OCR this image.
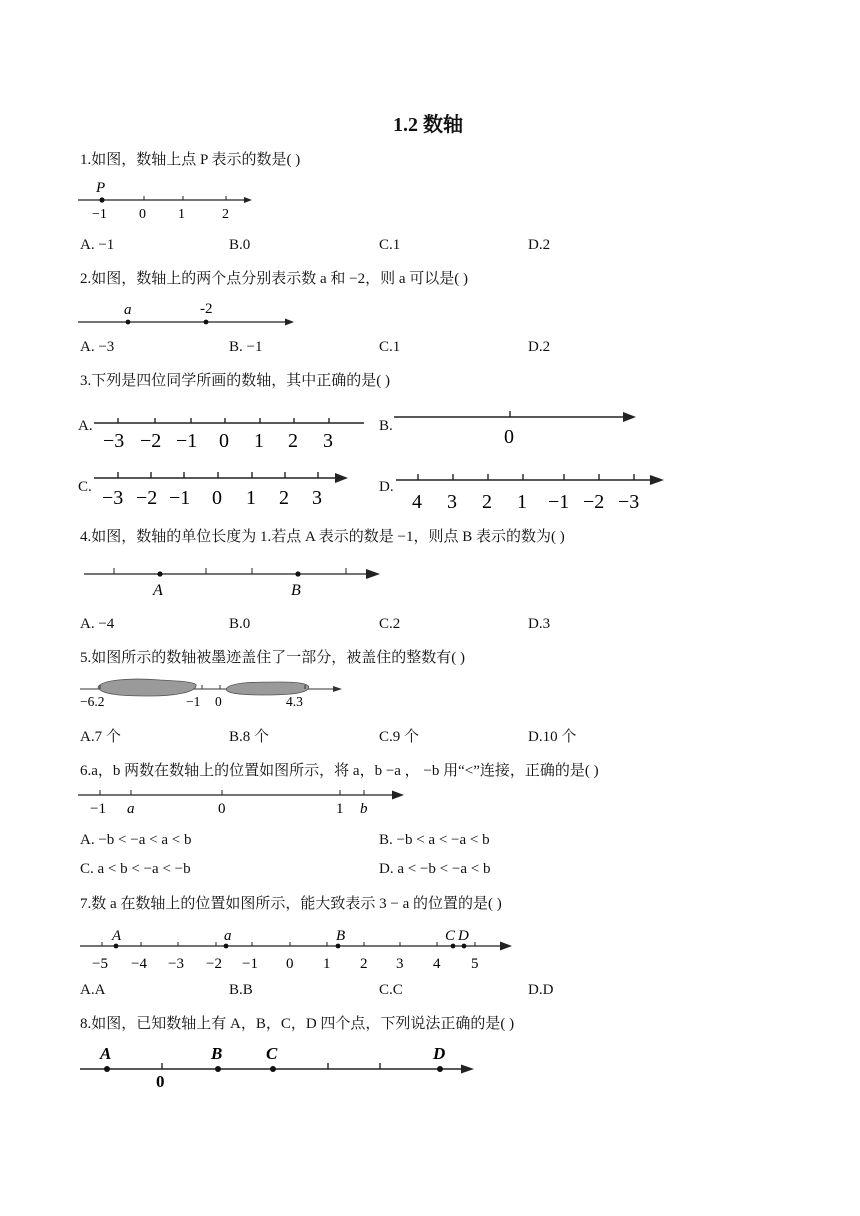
1.2 数轴
1.如图，数轴上点 P 表示的数是( )
P
−1 0 1	2
A. −1	B.0	C.1	D.2
2.如图，数轴上的两个点分别表示数 a 和 −2，则 a 可以是( )
a	-2
A. −3	B. −1	C.1	D.2
3.下列是四位同学所画的数轴，其中正确的是( )
A.
−3 −2 −1 0 1 2 3
B.	0
C. −3 −2 −1 0 1 2 3	D.
4 3 2 1 −1 −2 −3
4.如图，数轴的单位长度为 1.若点 A 表示的数是 −1，则点 B 表示的数为( )
A	B
A. −4	B.0	C.2	D.3
5.如图所示的数轴被墨迹盖住了一部分，被盖住的整数有( )
−6.2	−1 0	4.3
A.7 个	B.8 个	C.9 个	D.10 个
6.a，b 两数在数轴上的位置如图所示，将 a，b −a ， −b 用“<”连接，正确的是( )
−1 a	0	1 b
A. −b < −a < a < b	B. −b < a < −a < b
C. a < b < −a < −b	D. a < −b < −a < b
7.数 a 在数轴上的位置如图所示，能大致表示 3 − a 的位置的是( )
A	a	B	C D
−5 −4 −3 −2 −1 0 1 2 3 4 5
A.A	B.B	C.C	D.D
8.如图，已知数轴上有 A，B，C，D 四个点，下列说法正确的是( )
A	B	C	D
0
